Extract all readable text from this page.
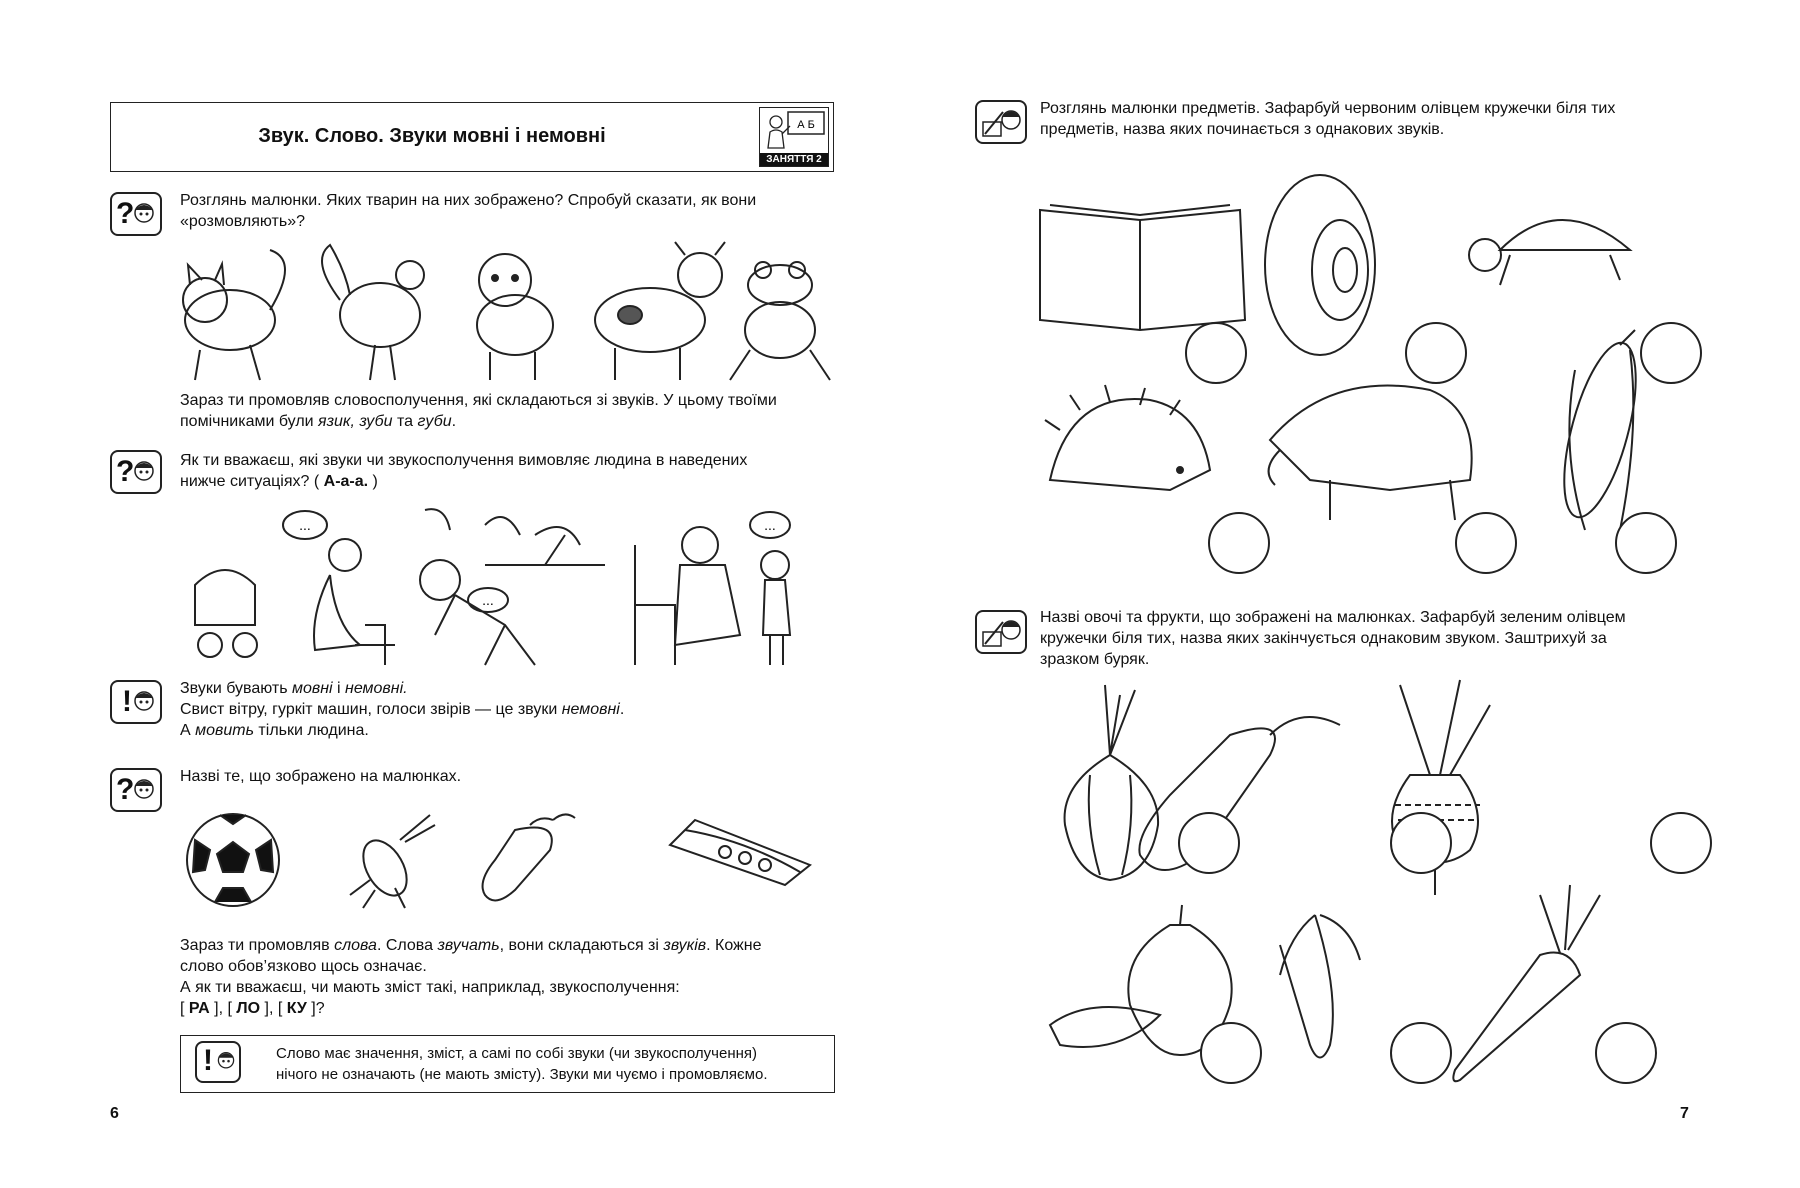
Звук. Слово. Звуки мовні і немовні	А Б
ЗАНЯТТЯ 2
?	Розглянь малюнки. Яких тварин на них зображено? Спробуй сказати, як вони
«розмовляють»?
Зараз ти промовляв словосполучення, які складаються зі звуків. У цьому твоїми
помічниками були язик, зуби та губи.
?	Як ти вважаєш, які звуки чи звукосполучення вимовляє людина в наведених
нижче ситуаціях? ( А-а-а. )
...
...
...
!	Звуки бувають мовні і немовні.
Свист вітру, гуркіт машин, голоси звірів — це звуки немовні.
А мовить тільки людина.
?	Назві те, що зображено на малюнках.
Зараз ти промовляв слова. Слова звучать, вони складаються зі звуків. Кожне
слово обов’язково щось означає.
А як ти вважаєш, чи мають зміст такі, наприклад, звукосполучення:
[ РА ], [ ЛО ], [ КУ ]?
!	Слово має значення, зміст, а самі по собі звуки (чи звукосполучення)
нічого не означають (не мають змісту). Звуки ми чуємо і промовляємо.
6
Розглянь малюнки предметів. Зафарбуй червоним олівцем кружечки біля тих
предметів, назва яких починається з однакових звуків.
Назві овочі та фрукти, що зображені на малюнках. Зафарбуй зеленим олівцем
кружечки біля тих, назва яких закінчується однаковим звуком. Заштрихуй за
зразком буряк.
7
